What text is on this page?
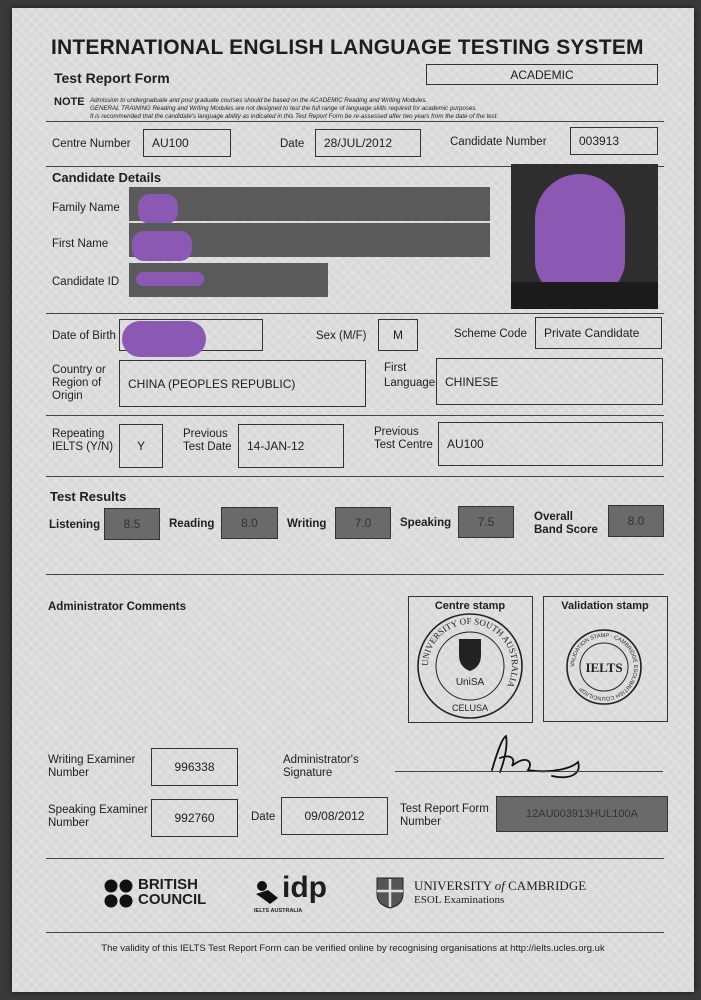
INTERNATIONAL ENGLISH LANGUAGE TESTING SYSTEM
Test Report Form	ACADEMIC
NOTE Admission to undergraduate and post graduate courses should be based on the ACADEMIC Reading and Writing Modules.
GENERAL TRAINING Reading and Writing Modules are not designed to test the full range of language skills required for academic purposes.
It is recommended that the candidate's language ability as indicated in this Test Report Form be re-assessed after two years from the date of the test.
Centre Number AU100	Date 28/JUL/2012	Candidate Number	003913
Candidate Details
Family Name
First Name
Candidate ID
Date of Birth	Sex (M/F) M	Scheme Code Private Candidate
Country or
Region of
Origin
CHINA (PEOPLES REPUBLIC)
First
Language CHINESE
Repeating
IELTS (Y/N) Y
Previous
Test Date 14-JAN-12
Previous
Test Centre AU100
Test Results
Listening	8.5	Reading	8.0	Writing	7.0	Speaking	7.5	Overall
Band Score
8.0
Administrator Comments	Centre stamp
UNIVERSITY OF SOUTH AUSTRALIA
UniSA
CELUSA
Validation stamp
VALIDATION STAMP · CAMBRIDGE ESOL/BRITISH COUNCIL/IDP
IELTS
Writing Examiner
Number	996338	Administrator's
Signature
Speaking Examiner
Number	992760	Date 09/08/2012	Test Report Form
Number
12AU003913HUL100A
BRITISH
COUNCIL	idp
IELTS AUSTRALIA
UNIVERSITY of CAMBRIDGE
ESOL Examinations
The validity of this IELTS Test Report Form can be verified online by recognising organisations at http://ielts.ucles.org.uk
